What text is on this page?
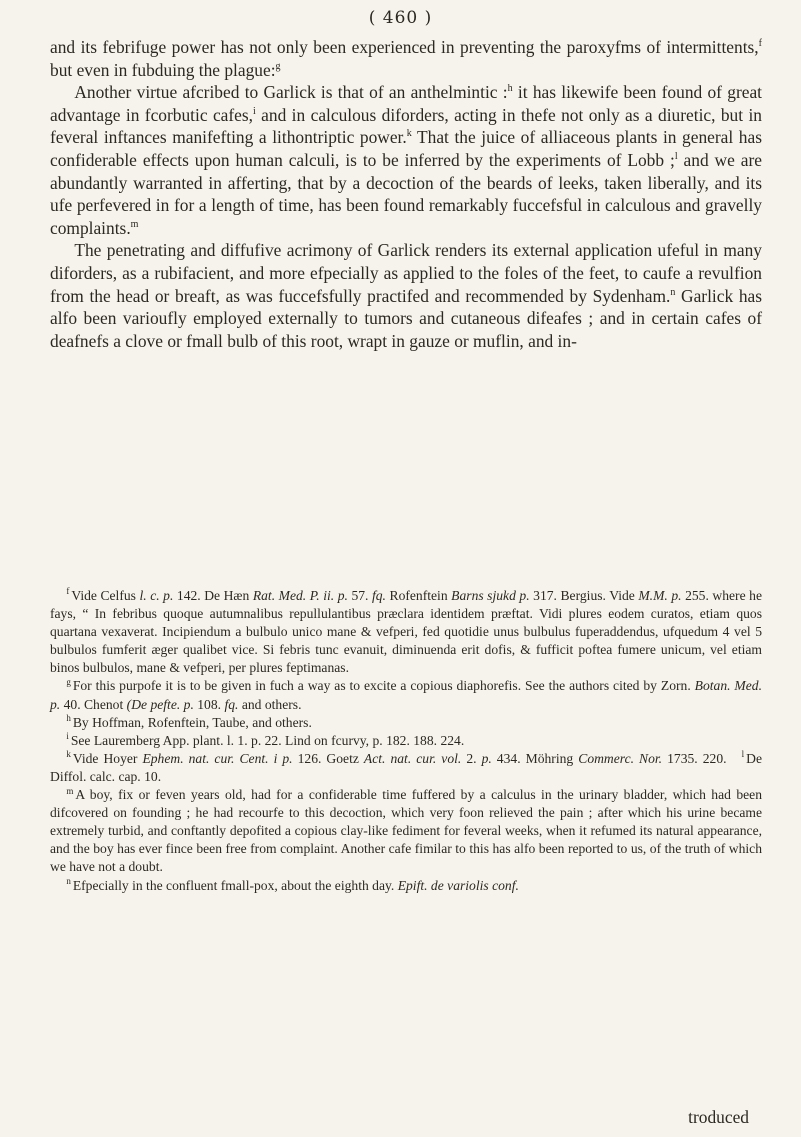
( 460 )

and its febrifuge power has not only been experienced in preventing the paroxyfms of intermittents,$^f$ but even in fubduing the plague:$^g$

Another virtue afcribed to Garlick is that of an anthelmintic :$^h$ it has likewife been found of great advantage in fcorbutic cafes,$^i$ and in calculous diforders, acting in thefe not only as a diuretic, but in feveral inftances manifefting a lithontriptic power.$^k$ That the juice of alliaceous plants in general has confiderable effects upon human calculi, is to be inferred by the experiments of Lobb ;$^l$ and we are abundantly warranted in afferting, that by a decoction of the beards of leeks, taken liberally, and its ufe perfevered in for a length of time, has been found remarkably fuccefsful in calculous and gravelly complaints.$^m$

The penetrating and diffufive acrimony of Garlick renders its external application ufeful in many diforders, as a rubifacient, and more efpecially as applied to the foles of the feet, to caufe a revulfion from the head or breaft, as was fuccefsfully practifed and recommended by Sydenham.$^n$ Garlick has alfo been varioufly employed externally to tumors and cutaneous difeafes ; and in certain cafes of deafnefs a clove or fmall bulb of this root, wrapt in gauze or muflin, and in-

$^f$ Vide Celfus l. c. p. 142. De Hæn Rat. Med. P. ii. p. 57. fq. Rofenftein Barns sjukd p. 317. Bergius. Vide M.M. p. 255. where he fays, “ In febribus quoque autumnalibus repullulantibus præclara identidem præftat. Vidi plures eodem curatos, etiam quos quartana vexaverat. Incipiendum a bulbulo unico mane & vefperi, fed quotidie unus bulbulus fuperaddendus, ufquedum 4 vel 5 bulbulos fumferit æger qualibet vice. Si febris tunc evanuit, diminuenda erit dofis, & fufficit poftea fumere unicum, vel etiam binos bulbulos, mane & vefperi, per plures feptimanas.

$^g$ For this purpofe it is to be given in fuch a way as to excite a copious diaphorefis. See the authors cited by Zorn. Botan. Med. p. 40. Chenot (De pefte. p. 108. fq. and others.

$^h$ By Hoffman, Rofenftein, Taube, and others.

$^i$ See Lauremberg App. plant. l. 1. p. 22. Lind on fcurvy, p. 182. 188. 224.

$^k$ Vide Hoyer Ephem. nat. cur. Cent. i p. 126. Goetz Act. nat. cur. vol. 2. p. 434. Möhring Commerc. Nor. 1735. 220. $^l$ De Diffol. calc. cap. 10.

$^m$ A boy, fix or feven years old, had for a confiderable time fuffered by a calculus in the urinary bladder, which had been difcovered on founding ; he had recourfe to this decoction, which very foon relieved the pain ; after which his urine became extremely turbid, and conftantly depofited a copious clay-like fediment for feveral weeks, when it refumed its natural appearance, and the boy has ever fince been free from complaint. Another cafe fimilar to this has alfo been reported to us, of the truth of which we have not a doubt.

$^n$ Efpecially in the confluent fmall-pox, about the eighth day. Epift. de variolis conf.

troduced
